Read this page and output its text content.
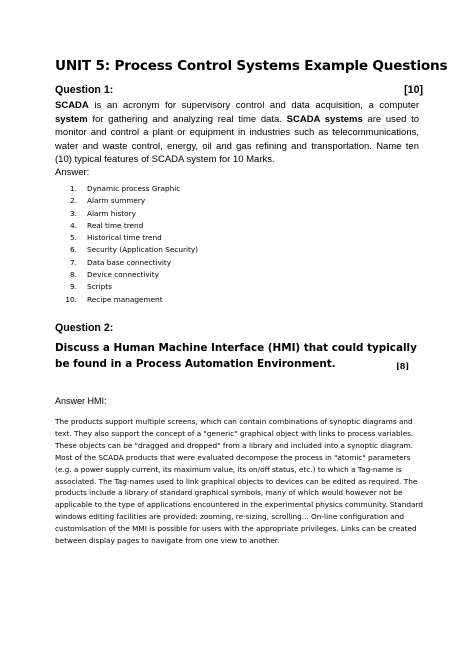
UNIT 5: Process Control Systems Example Questions
Question 1:	[10]
SCADA is an acronym for supervisory control and data acquisition, a computer system for gathering and analyzing real time data. SCADA systems are used to monitor and control a plant or equipment in industries such as telecommunications, water and waste control, energy, oil and gas refining and transportation. Name ten (10) typical features of SCADA system for 10 Marks.
Answer:
1.	Dynamic process Graphic
2.	Alarm summery
3.	Alarm history
4.	Real time trend
5.	Historical time trend
6.	Security (Application Security)
7.	Data base connectivity
8.	Device connectivity
9.	Scripts
10.	Recipe management
Question 2:
Discuss a Human Machine Interface (HMI) that could typically be found in a Process Automation Environment.	[8]
Answer HMI:
The products support multiple screens, which can contain combinations of synoptic diagrams and
text. They also support the concept of a "generic" graphical object with links to process variables.
These objects can be "dragged and dropped" from a library and included into a synoptic diagram.
Most of the SCADA products that were evaluated decompose the process in "atomic" parameters
(e.g. a power supply current, its maximum value, its on/off status, etc.) to which a Tag-name is
associated. The Tag-names used to link graphical objects to devices can be edited as required. The
products include a library of standard graphical symbols, many of which would however not be
applicable to the type of applications encountered in the experimental physics community. Standard
windows editing facilities are provided: zooming, re-sizing, scrolling... On-line configuration and
customisation of the MMI is possible for users with the appropriate privileges. Links can be created
between display pages to navigate from one view to another.
